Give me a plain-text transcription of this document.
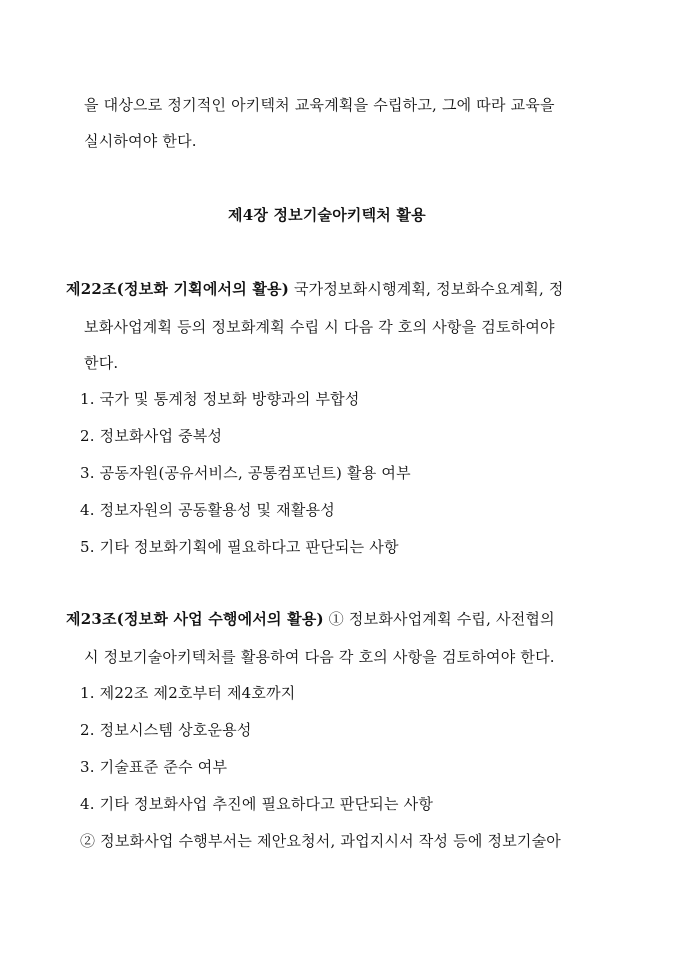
을 대상으로 정기적인 아키텍처 교육계획을 수립하고, 그에 따라 교육을
실시하여야 한다.
제4장 정보기술아키텍처 활용
제22조(정보화 기획에서의 활용) 국가정보화시행계획, 정보화수요계획, 정
보화사업계획 등의 정보화계획 수립 시 다음 각 호의 사항을 검토하여야
한다.
1. 국가 및 통계청 정보화 방향과의 부합성
2. 정보화사업 중복성
3. 공동자원(공유서비스, 공통컴포넌트) 활용 여부
4. 정보자원의 공동활용성 및 재활용성
5. 기타 정보화기획에 필요하다고 판단되는 사항
제23조(정보화 사업 수행에서의 활용) ① 정보화사업계획 수립, 사전협의
시 정보기술아키텍처를 활용하여 다음 각 호의 사항을 검토하여야 한다.
1. 제22조 제2호부터 제4호까지
2. 정보시스템 상호운용성
3. 기술표준 준수 여부
4. 기타 정보화사업 추진에 필요하다고 판단되는 사항
② 정보화사업 수행부서는 제안요청서, 과업지시서 작성 등에 정보기술아
